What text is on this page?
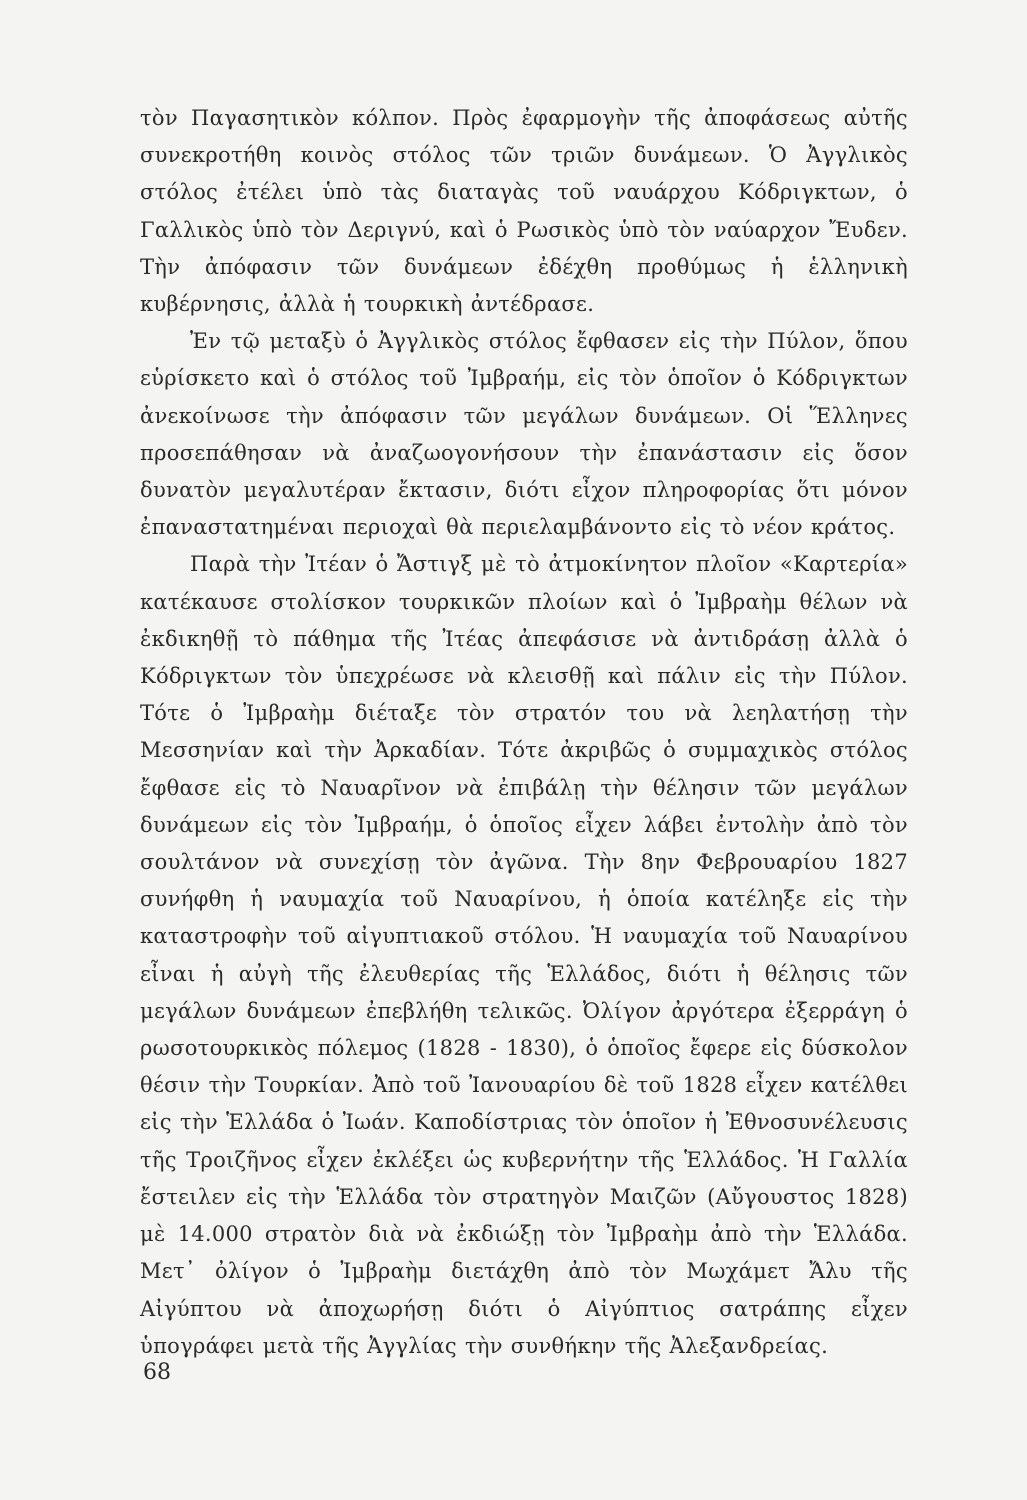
τὸν Παγασητικὸν κόλπον. Πρὸς ἐφαρμογὴν τῆς ἀποφάσεως αὐτῆς συνεκροτήθη κοινὸς στόλος τῶν τριῶν δυνάμεων. Ὁ Ἀγγλικὸς στόλος ἐτέλει ὑπὸ τὰς διαταγὰς τοῦ ναυάρχου Κόδριγκτων, ὁ Γαλλικὸς ὑπὸ τὸν Δεριγνύ, καὶ ὁ Ρωσικὸς ὑπὸ τὸν ναύαρχον Ἔυδεν. Τὴν ἀπόφασιν τῶν δυνάμεων ἐδέχθη προθύμως ἡ ἑλληνικὴ κυβέρνησις, ἀλλὰ ἡ τουρκικὴ ἀντέδρασε.

Ἐν τῷ μεταξὺ ὁ Ἀγγλικὸς στόλος ἔφθασεν εἰς τὴν Πύλον, ὅπου εὑρίσκετο καὶ ὁ στόλος τοῦ Ἰμβραήμ, εἰς τὸν ὁποῖον ὁ Κόδριγκτων ἀνεκοίνωσε τὴν ἀπόφασιν τῶν μεγάλων δυνάμεων. Οἱ Ἕλληνες προσεπάθησαν νὰ ἀναζωογονήσουν τὴν ἐπανάστασιν εἰς ὅσον δυνατὸν μεγαλυτέραν ἔκτασιν, διότι εἶχον πληροφορίας ὅτι μόνον ἐπαναστατημέναι περιοχαὶ θὰ περιελαμβάνοντο εἰς τὸ νέον κράτος.

Παρὰ τὴν Ἰτέαν ὁ Ἄστιγξ μὲ τὸ ἀτμοκίνητον πλοῖον «Καρτερία» κατέκαυσε στολίσκον τουρκικῶν πλοίων καὶ ὁ Ἰμβραὴμ θέλων νὰ ἐκδικηθῇ τὸ πάθημα τῆς Ἰτέας ἀπεφάσισε νὰ ἀντιδράσῃ ἀλλὰ ὁ Κόδριγκτων τὸν ὑπεχρέωσε νὰ κλεισθῇ καὶ πάλιν εἰς τὴν Πύλον. Τότε ὁ Ἰμβραὴμ διέταξε τὸν στρατόν του νὰ λεηλατήσῃ τὴν Μεσσηνίαν καὶ τὴν Ἀρκαδίαν. Τότε ἀκριβῶς ὁ συμμαχικὸς στόλος ἔφθασε εἰς τὸ Ναυαρῖνον νὰ ἐπιβάλῃ τὴν θέλησιν τῶν μεγάλων δυνάμεων εἰς τὸν Ἰμβραήμ, ὁ ὁποῖος εἶχεν λάβει ἐντολὴν ἀπὸ τὸν σουλτάνον νὰ συνεχίσῃ τὸν ἀγῶνα. Τὴν 8ην Φεβρουαρίου 1827 συνήφθη ἡ ναυμαχία τοῦ Ναυαρίνου, ἡ ὁποία κατέληξε εἰς τὴν καταστροφὴν τοῦ αἰγυπτιακοῦ στόλου. Ἡ ναυμαχία τοῦ Ναυαρίνου εἶναι ἡ αὐγὴ τῆς ἐλευθερίας τῆς Ἑλλάδος, διότι ἡ θέλησις τῶν μεγάλων δυνάμεων ἐπεβλήθη τελικῶς. Ὀλίγον ἀργότερα ἐξερράγη ὁ ρωσοτουρκικὸς πόλεμος (1828 - 1830), ὁ ὁποῖος ἔφερε εἰς δύσκολον θέσιν τὴν Τουρκίαν. Ἀπὸ τοῦ Ἰανουαρίου δὲ τοῦ 1828 εἶχεν κατέλθει εἰς τὴν Ἑλλάδα ὁ Ἰωάν. Καποδίστριας τὸν ὁποῖον ἡ Ἐθνοσυνέλευσις τῆς Τροιζῆνος εἶχεν ἐκλέξει ὡς κυβερνήτην τῆς Ἑλλάδος. Ἡ Γαλλία ἔστειλεν εἰς τὴν Ἑλλάδα τὸν στρατηγὸν Μαιζῶν (Αὔγουστος 1828) μὲ 14.000 στρατὸν διὰ νὰ ἐκδιώξῃ τὸν Ἰμβραὴμ ἀπὸ τὴν Ἑλλάδα. Μετ᾽ ὀλίγον ὁ Ἰμβραὴμ διετάχθη ἀπὸ τὸν Μωχάμετ Ἄλυ τῆς Αἰγύπτου νὰ ἀποχωρήσῃ διότι ὁ Αἰγύπτιος σατράπης εἶχεν ὑπογράφει μετὰ τῆς Ἀγγλίας τὴν συνθήκην τῆς Ἀλεξανδρείας.

68
